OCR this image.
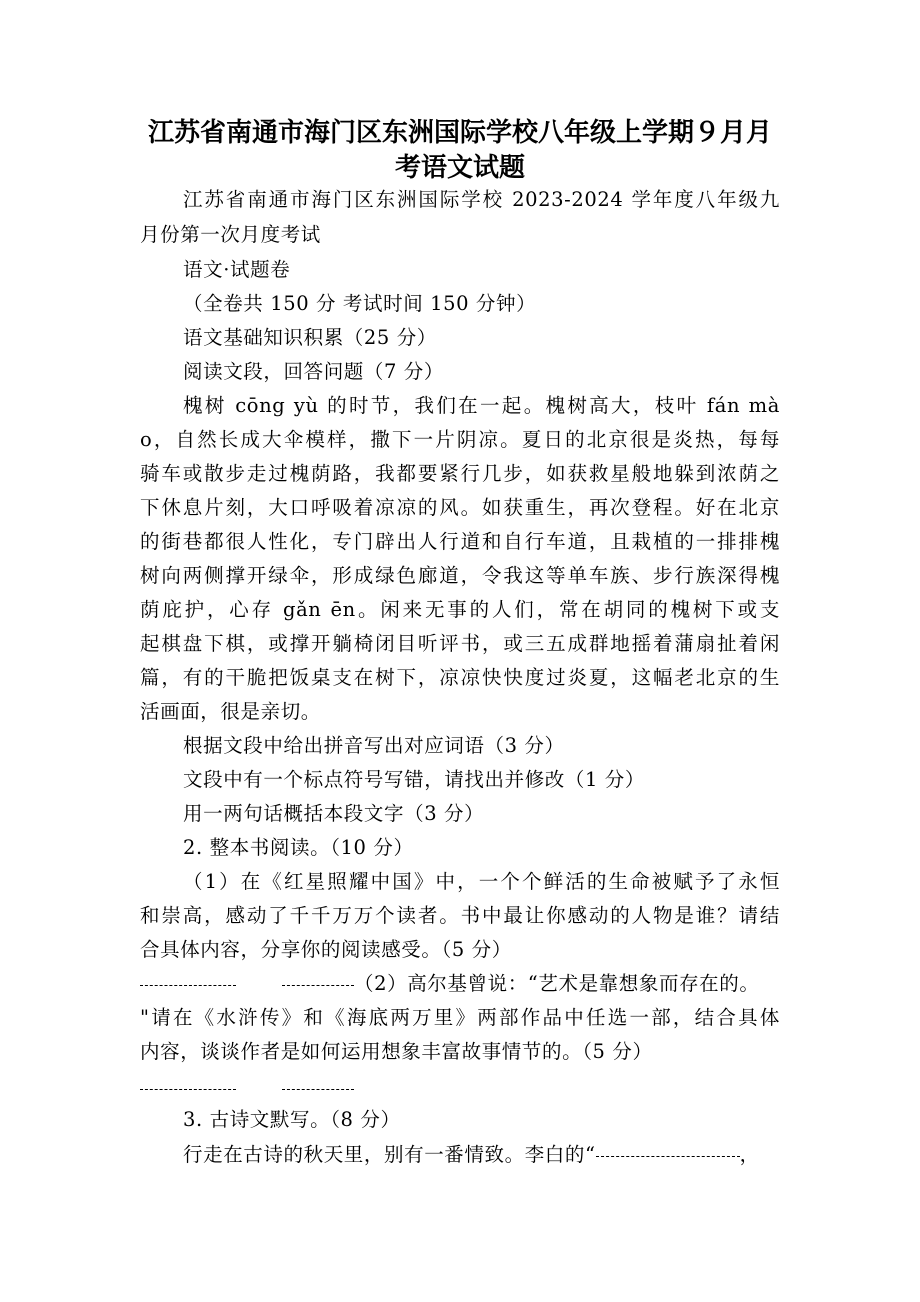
江苏省南通市海门区东洲国际学校八年级上学期９月月
考语文试题
江苏省南通市海门区东洲国际学校 2023-2024 学年度八年级九
月份第一次月度考试
语文·试题卷
（全卷共 150 分 考试时间 150 分钟）
语文基础知识积累（25 分）
阅读文段，回答问题（7 分）
槐树 cōng yù 的时节，我们在一起。槐树高大，枝叶 fán mà
o，自然长成大伞模样，撒下一片阴凉。夏日的北京很是炎热，每每
骑车或散步走过槐荫路，我都要紧行几步，如获救星般地躲到浓荫之
下休息片刻，大口呼吸着凉凉的风。如获重生，再次登程。好在北京
的街巷都很人性化，专门辟出人行道和自行车道，且栽植的一排排槐
树向两侧撑开绿伞，形成绿色廊道，令我这等单车族、步行族深得槐
荫庇护，心存 gǎn ēn。闲来无事的人们，常在胡同的槐树下或支
起棋盘下棋，或撑开躺椅闭目听评书，或三五成群地摇着蒲扇扯着闲
篇，有的干脆把饭桌支在树下，凉凉快快度过炎夏，这幅老北京的生
活画面，很是亲切。
根据文段中给出拼音写出对应词语（3 分）
文段中有一个标点符号写错，请找出并修改（1 分）
用一两句话概括本段文字（3 分）
2. 整本书阅读。（10 分）
（1）在《红星照耀中国》中，一个个鲜活的生命被赋予了永恒
和崇高，感动了千千万万个读者。书中最让你感动的人物是谁？请结
合具体内容，分享你的阅读感受。（5 分）
（2）高尔基曾说：“艺术是靠想象而存在的。
"请在《水浒传》和《海底两万里》两部作品中任选一部，结合具体
内容，谈谈作者是如何运用想象丰富故事情节的。（5 分）
3. 古诗文默写。（8 分）
行走在古诗的秋天里，别有一番情致。李白的“	，
